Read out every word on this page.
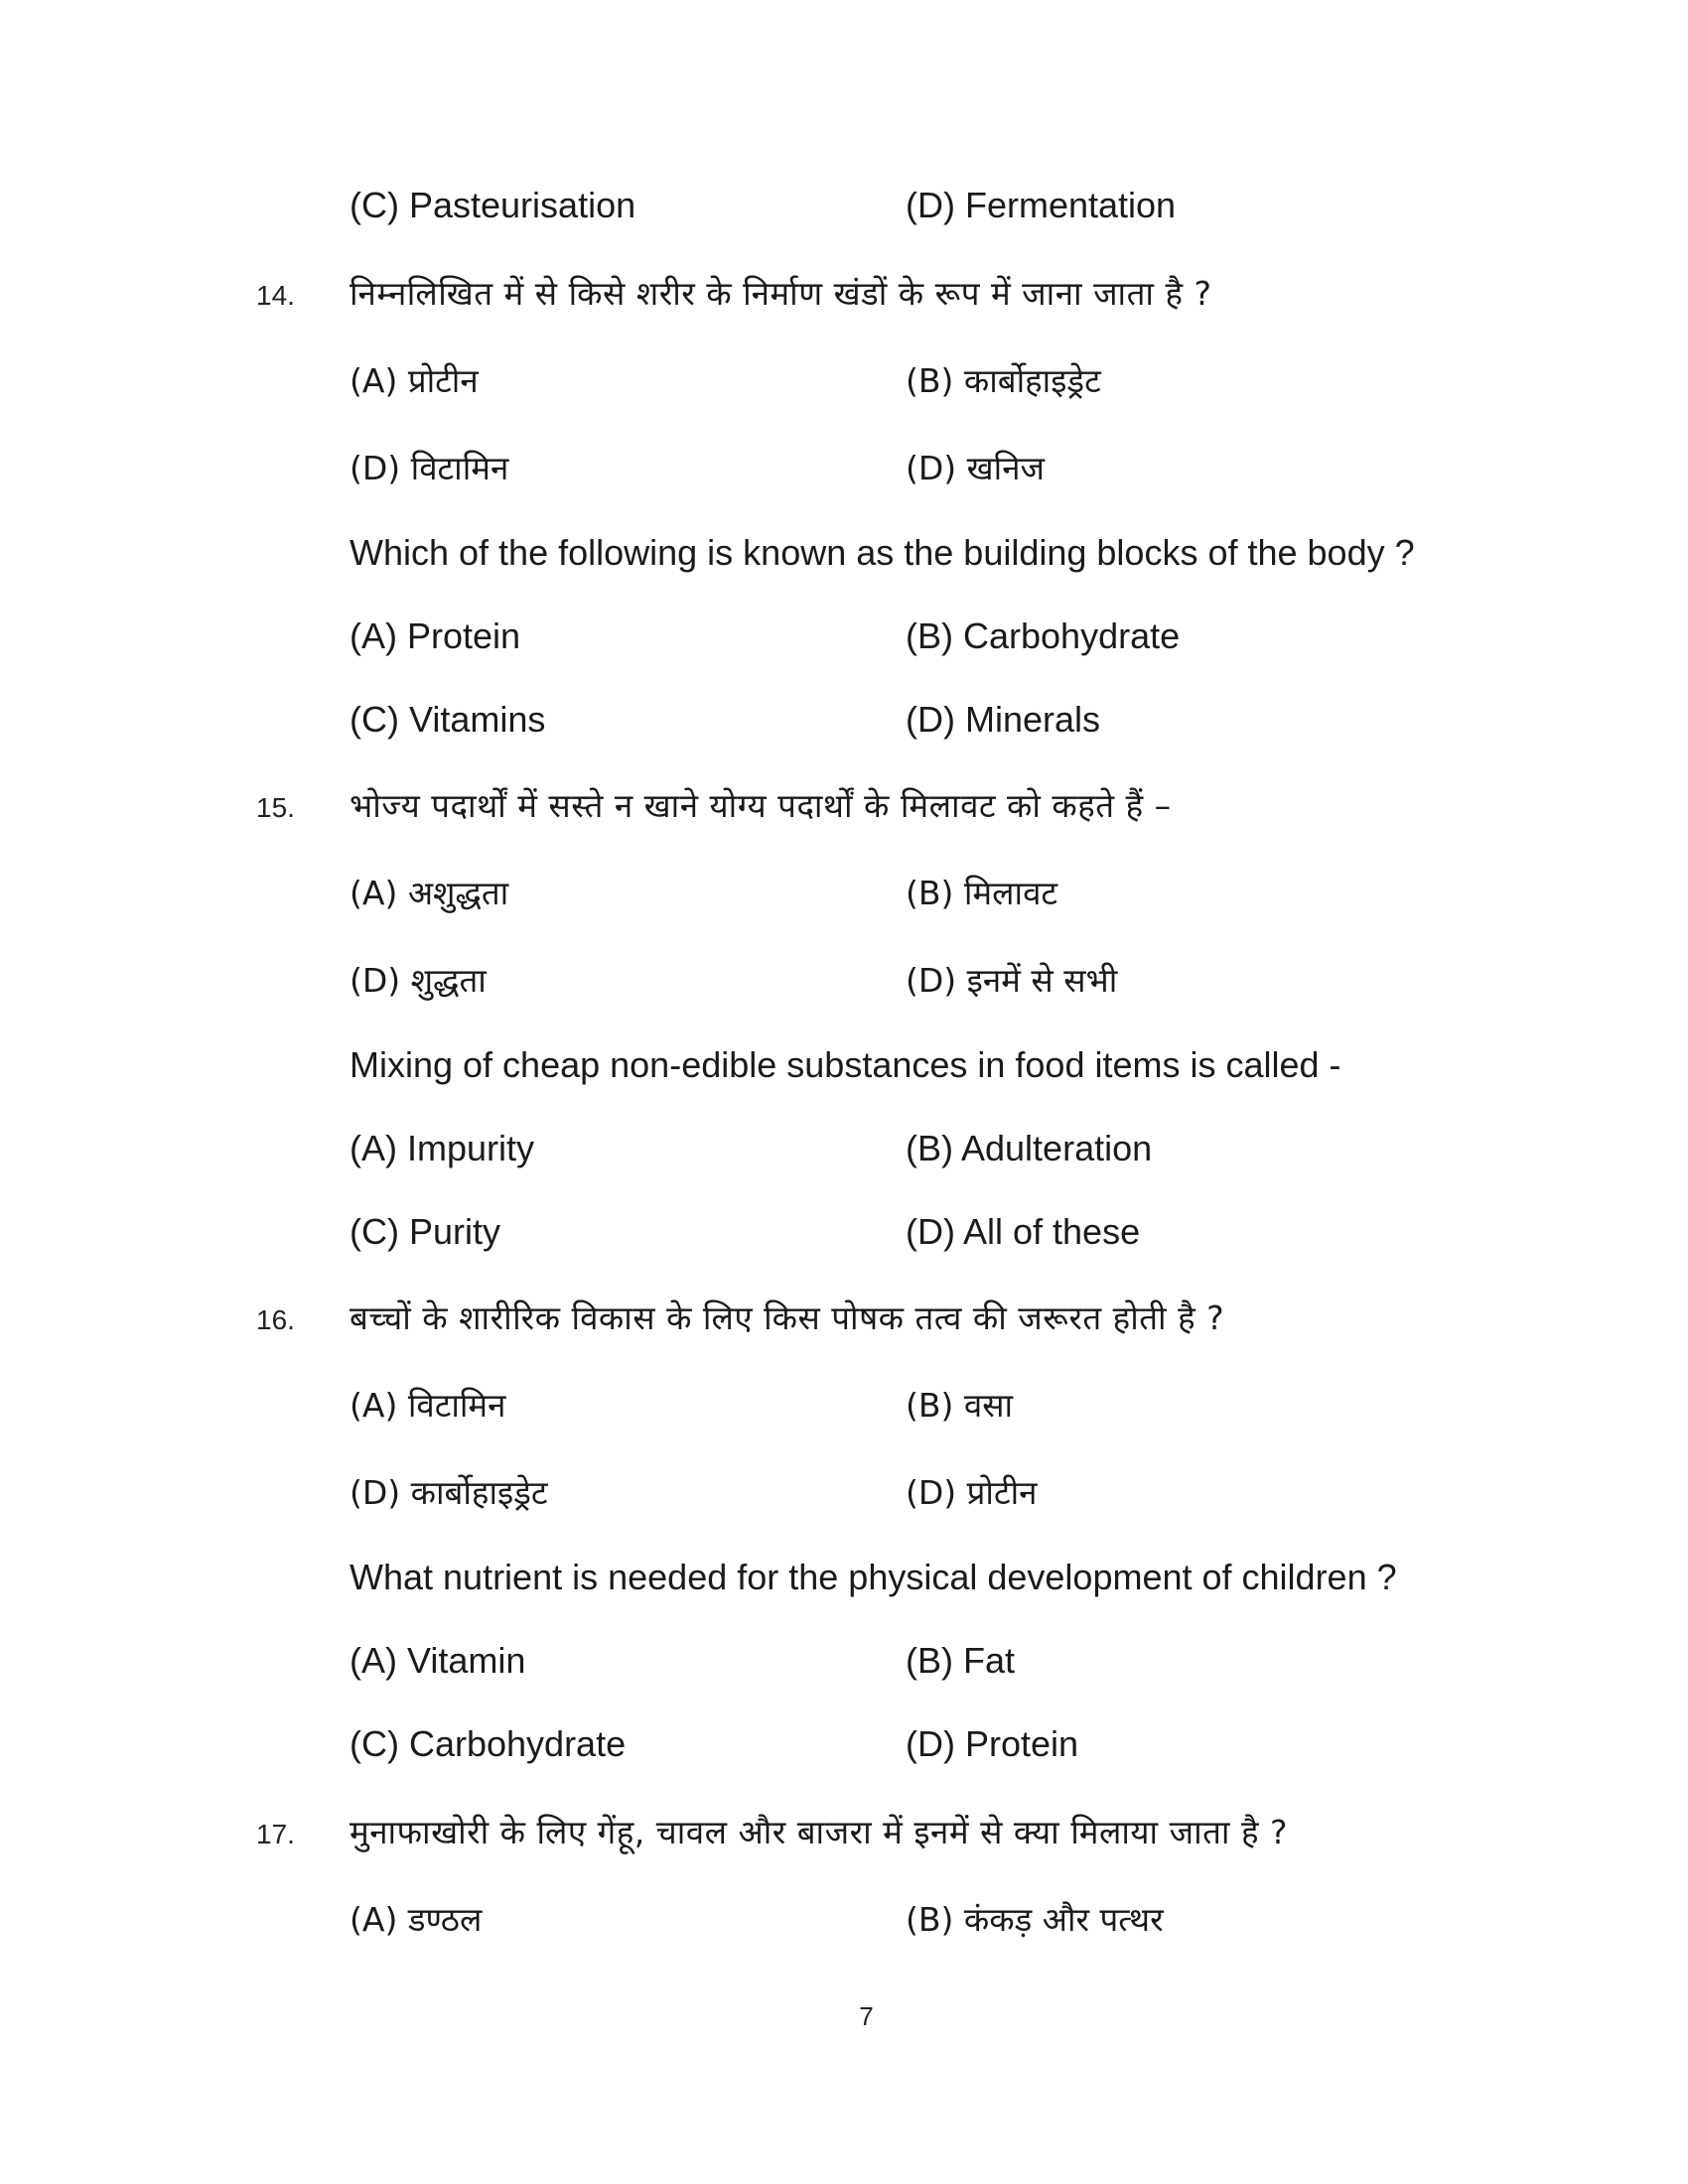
(C) Pasteurisation	(D) Fermentation
14. निम्नलिखित में से किसे शरीर के निर्माण खंडों के रूप में जाना जाता है ?
(A) प्रोटीन	(B) कार्बोहाइड्रेट
(D) विटामिन	(D) खनिज
Which of the following is known as the building blocks of the body ?
(A) Protein	(B) Carbohydrate
(C) Vitamins	(D) Minerals
15. भोज्य पदार्थों में सस्ते न खाने योग्य पदार्थों के मिलावट को कहते हैं –
(A) अशुद्धता	(B) मिलावट
(D) शुद्धता	(D) इनमें से सभी
Mixing of cheap non-edible substances in food items is called -
(A) Impurity	(B) Adulteration
(C) Purity	(D) All of these
16. बच्चों के शारीरिक विकास के लिए किस पोषक तत्व की जरूरत होती है ?
(A) विटामिन	(B) वसा
(D) कार्बोहाइड्रेट	(D) प्रोटीन
What nutrient is needed for the physical development of children ?
(A) Vitamin	(B) Fat
(C) Carbohydrate	(D) Protein
17. मुनाफाखोरी के लिए गेंहू, चावल और बाजरा में इनमें से क्या मिलाया जाता है ?
(A) डण्ठल	(B) कंकड़ और पत्थर
7
